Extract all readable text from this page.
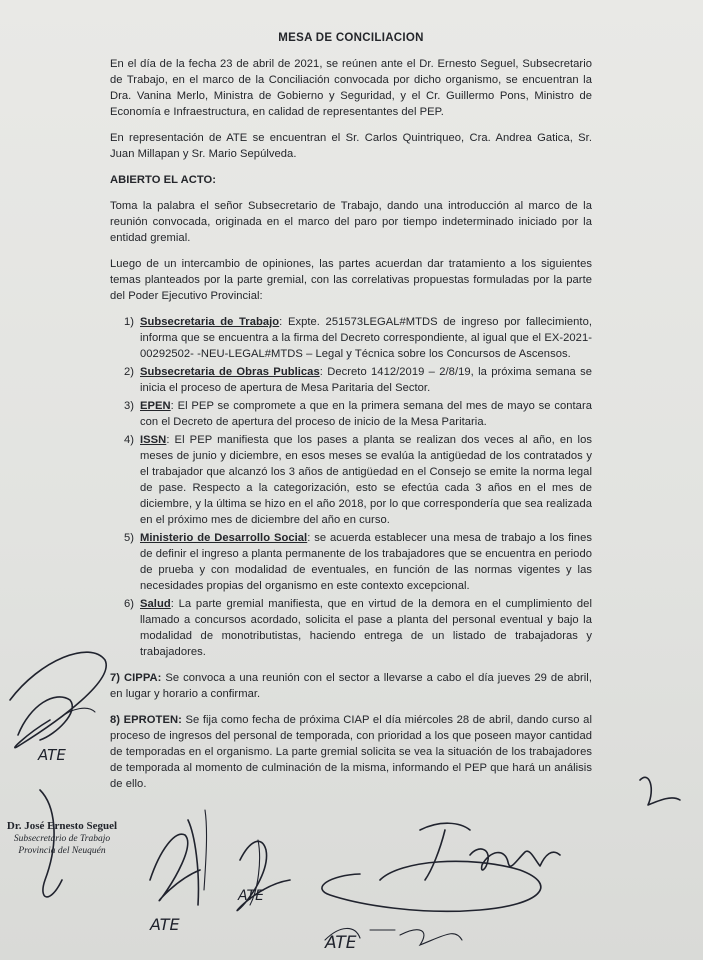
MESA DE CONCILIACION

En el día de la fecha 23 de abril de 2021, se reúnen ante el Dr. Ernesto Seguel, Subsecretario de Trabajo, en el marco de la Conciliación convocada por dicho organismo, se encuentran la Dra. Vanina Merlo, Ministra de Gobierno y Seguridad, y el Cr. Guillermo Pons, Ministro de Economía e Infraestructura, en calidad de representantes del PEP.

En representación de ATE se encuentran el Sr. Carlos Quintriqueo, Cra. Andrea Gatica, Sr. Juan Millapan y Sr. Mario Sepúlveda.

ABIERTO EL ACTO:

Toma la palabra el señor Subsecretario de Trabajo, dando una introducción al marco de la reunión convocada, originada en el marco del paro por tiempo indeterminado iniciado por la entidad gremial.

Luego de un intercambio de opiniones, las partes acuerdan dar tratamiento a los siguientes temas planteados por la parte gremial, con las correlativas propuestas formuladas por la parte del Poder Ejecutivo Provincial:

1) Subsecretaria de Trabajo: Expte. 251573LEGAL#MTDS de ingreso por fallecimiento, informa que se encuentra a la firma del Decreto correspondiente, al igual que el EX-2021-00292502- -NEU-LEGAL#MTDS – Legal y Técnica sobre los Concursos de Ascensos.
2) Subsecretaria de Obras Publicas: Decreto 1412/2019 – 2/8/19, la próxima semana se inicia el proceso de apertura de Mesa Paritaria del Sector.
3) EPEN: El PEP se compromete a que en la primera semana del mes de mayo se contara con el Decreto de apertura del proceso de inicio de la Mesa Paritaria.
4) ISSN: El PEP manifiesta que los pases a planta se realizan dos veces al año, en los meses de junio y diciembre, en esos meses se evalúa la antigüedad de los contratados y el trabajador que alcanzó los 3 años de antigüedad en el Consejo se emite la norma legal de pase. Respecto a la categorización, esto se efectúa cada 3 años en el mes de diciembre, y la última se hizo en el año 2018, por lo que correspondería que sea realizada en el próximo mes de diciembre del año en curso.
5) Ministerio de Desarrollo Social: se acuerda establecer una mesa de trabajo a los fines de definir el ingreso a planta permanente de los trabajadores que se encuentra en periodo de prueba y con modalidad de eventuales, en función de las normas vigentes y las necesidades propias del organismo en este contexto excepcional.
6) Salud: La parte gremial manifiesta, que en virtud de la demora en el cumplimiento del llamado a concursos acordado, solicita el pase a planta del personal eventual y bajo la modalidad de monotributistas, haciendo entrega de un listado de trabajadoras y trabajadores.

7) CIPPA: Se convoca a una reunión con el sector a llevarse a cabo el día jueves 29 de abril, en lugar y horario a confirmar.

8) EPROTEN: Se fija como fecha de próxima CIAP el día miércoles 28 de abril, dando curso al proceso de ingresos del personal de temporada, con prioridad a los que poseen mayor cantidad de temporadas en el organismo. La parte gremial solicita se vea la situación de los trabajadores de temporada al momento de culminación de la misma, informando el PEP que hará un análisis de ello.

Dr. José Ernesto Seguel
Subsecretario de Trabajo
Provincia del Neuquén
ATE
ATE
ATE
ATE
